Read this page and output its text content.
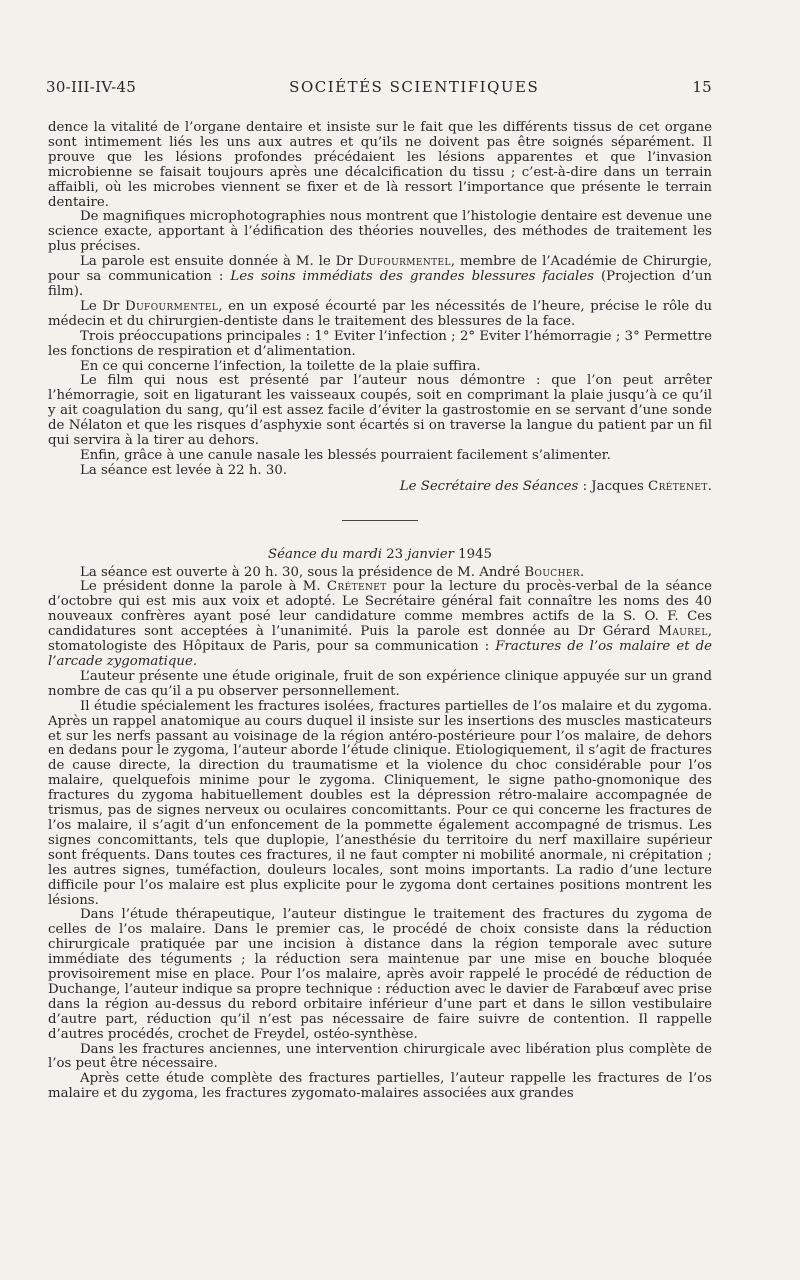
30-III-IV-45	SOCIÉTÉS SCIENTIFIQUES	15

dence la vitalité de l’organe dentaire et insiste sur le fait que les différents tissus de cet organe sont intimement liés les uns aux autres et qu’ils ne doivent pas être soignés séparément. Il prouve que les lésions profondes précédaient les lésions apparentes et que l’invasion microbienne se faisait toujours après une décalcification du tissu ; c’est-à-dire dans un terrain affaibli, où les microbes viennent se fixer et de là ressort l’importance que présente le terrain dentaire.

De magnifiques microphotographies nous montrent que l’histologie dentaire est devenue une science exacte, apportant à l’édification des théories nouvelles, des méthodes de traitement les plus précises.

La parole est ensuite donnée à M. le Dr Dufourmentel, membre de l’Académie de Chirurgie, pour sa communication : Les soins immédiats des grandes blessures faciales (Projection d’un film).

Le Dr Dufourmentel, en un exposé écourté par les nécessités de l’heure, précise le rôle du médecin et du chirurgien-dentiste dans le traitement des blessures de la face.

Trois préoccupations principales : 1° Eviter l’infection ; 2° Eviter l’hémorragie ; 3° Permettre les fonctions de respiration et d’alimentation.

En ce qui concerne l’infection, la toilette de la plaie suffira.

Le film qui nous est présenté par l’auteur nous démontre : que l’on peut arrêter l’hémorragie, soit en ligaturant les vaisseaux coupés, soit en comprimant la plaie jusqu’à ce qu’il y ait coagulation du sang, qu’il est assez facile d’éviter la gastrostomie en se servant d’une sonde de Nélaton et que les risques d’asphyxie sont écartés si on traverse la langue du patient par un fil qui servira à la tirer au dehors.

Enfin, grâce à une canule nasale les blessés pourraient facilement s’alimenter.

La séance est levée à 22 h. 30.

Le Secrétaire des Séances : Jacques Crétenet.

Séance du mardi 23 janvier 1945

La séance est ouverte à 20 h. 30, sous la présidence de M. André Boucher.

Le président donne la parole à M. Crétenet pour la lecture du procès-verbal de la séance d’octobre qui est mis aux voix et adopté. Le Secrétaire général fait connaître les noms des 40 nouveaux confrères ayant posé leur candidature comme membres actifs de la S. O. F. Ces candidatures sont acceptées à l’unanimité. Puis la parole est donnée au Dr Gérard Maurel, stomatologiste des Hôpitaux de Paris, pour sa communication : Fractures de l’os malaire et de l’arcade zygomatique.

L’auteur présente une étude originale, fruit de son expérience clinique appuyée sur un grand nombre de cas qu’il a pu observer personnellement.

Il étudie spécialement les fractures isolées, fractures partielles de l’os malaire et du zygoma. Après un rappel anatomique au cours duquel il insiste sur les insertions des muscles masticateurs et sur les nerfs passant au voisinage de la région antéro-postérieure pour l’os malaire, de dehors en dedans pour le zygoma, l’auteur aborde l’étude clinique. Etiologiquement, il s’agit de fractures de cause directe, la direction du traumatisme et la violence du choc considérable pour l’os malaire, quelquefois minime pour le zygoma. Cliniquement, le signe patho-gnomonique des fractures du zygoma habituellement doubles est la dépression rétro-malaire accompagnée de trismus, pas de signes nerveux ou oculaires concomittants. Pour ce qui concerne les fractures de l’os malaire, il s’agit d’un enfoncement de la pommette également accompagné de trismus. Les signes concomittants, tels que duplopie, l’anesthésie du territoire du nerf maxillaire supérieur sont fréquents. Dans toutes ces fractures, il ne faut compter ni mobilité anormale, ni crépitation ; les autres signes, tuméfaction, douleurs locales, sont moins importants. La radio d’une lecture difficile pour l’os malaire est plus explicite pour le zygoma dont certaines positions montrent les lésions.

Dans l’étude thérapeutique, l’auteur distingue le traitement des fractures du zygoma de celles de l’os malaire. Dans le premier cas, le procédé de choix consiste dans la réduction chirurgicale pratiquée par une incision à distance dans la région temporale avec suture immédiate des téguments ; la réduction sera maintenue par une mise en bouche bloquée provisoirement mise en place. Pour l’os malaire, après avoir rappelé le procédé de réduction de Duchange, l’auteur indique sa propre technique : réduction avec le davier de Farabœuf avec prise dans la région au-dessus du rebord orbitaire inférieur d’une part et dans le sillon vestibulaire d’autre part, réduction qu’il n’est pas nécessaire de faire suivre de contention. Il rappelle d’autres procédés, crochet de Freydel, ostéo-synthèse.

Dans les fractures anciennes, une intervention chirurgicale avec libération plus complète de l’os peut être nécessaire.

Après cette étude complète des fractures partielles, l’auteur rappelle les fractures de l’os malaire et du zygoma, les fractures zygomato-malaires associées aux grandes
